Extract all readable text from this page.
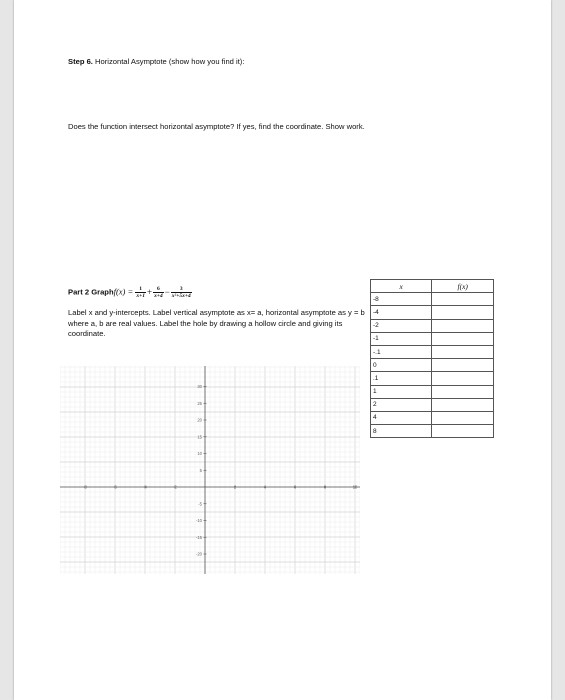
Step 6. Horizontal Asymptote (show how you find it):
Does the function intersect horizontal asymptote? If yes, find the coordinate. Show work.
Part 2 Graphf(x) = $\frac{1}{x+1} + \frac{6}{x+4} - \frac{3}{\text{x²+5x+4}}$
Label x and y-intercepts. Label vertical asymptote as x= a, horizontal asymptote as y = b where a, b are real values. Label the hole by drawing a hollow circle and giving its coordinate.
x	f(x)
-8	
-4	
-2	
-1	
-.1	
0	
.1	
1	
2	
4	
8	
-8	-6	-4	-2	2	4	6	8	10
30
25
20
15
10
5
-5
-10
-15
-20
